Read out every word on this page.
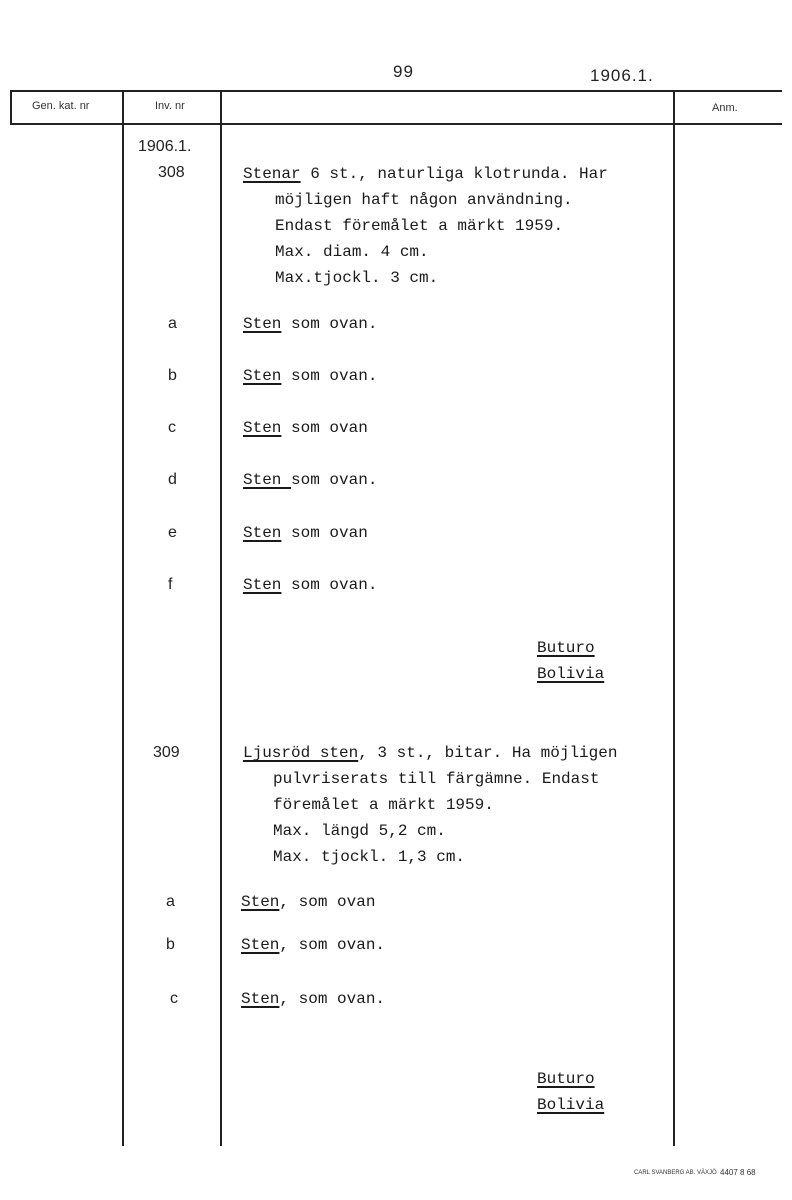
99	1906.1.
Gen. kat. nr	Inv. nr	Anm.
1906.1.
308	Stenar 6 st., naturliga klotrunda. Har
möjligen haft någon användning.
Endast föremålet a märkt 1959.
Max. diam. 4 cm.
Max.tjockl. 3 cm.
a	Sten som ovan.
b	Sten som ovan.
c	Sten som ovan
d	Sten som ovan.
e	Sten som ovan
f	Sten som ovan.
Buturo
Bolivia
309	Ljusröd sten, 3 st., bitar. Ha möjligen
pulvriserats till färgämne. Endast
föremålet a märkt 1959.
Max. längd 5,2 cm.
Max. tjockl. 1,3 cm.
a	Sten, som ovan
b	Sten, som ovan.
c	Sten, som ovan.
Buturo
Bolivia
CARL SVANBERG AB. VÄXJÖ 4407 8 68
